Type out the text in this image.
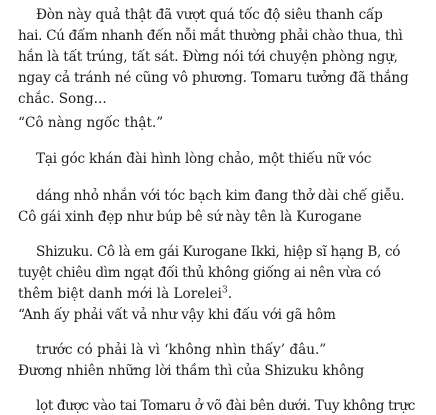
Đòn này quả thật đã vượt quá tốc độ siêu thanh cấp
hai. Cú đấm nhanh đến nỗi mắt thường phải chào thua, thì
hắn là tất trúng, tất sát. Đừng nói tới chuyện phòng ngự,
ngay cả tránh né cũng vô phương. Tomaru tưởng đã thắng
chắc. Song...
“Cô nàng ngốc thật.”
Tại góc khán đài hình lòng chảo, một thiếu nữ vóc
dáng nhỏ nhắn với tóc bạch kim đang thở dài chế giễu.
Cô gái xinh đẹp như búp bê sứ này tên là Kurogane
Shizuku. Cô là em gái Kurogane Ikki, hiệp sĩ hạng B, có
tuyệt chiêu dìm ngạt đối thủ không giống ai nên vừa có
thêm biệt danh mới là Lorelei$^3$.
“Anh ấy phải vất vả như vậy khi đấu với gã hôm
trước có phải là vì ‘không nhìn thấy’ đâu.”
Đương nhiên những lời thầm thì của Shizuku không
lọt được vào tai Tomaru ở võ đài bên dưới. Tuy không trực
